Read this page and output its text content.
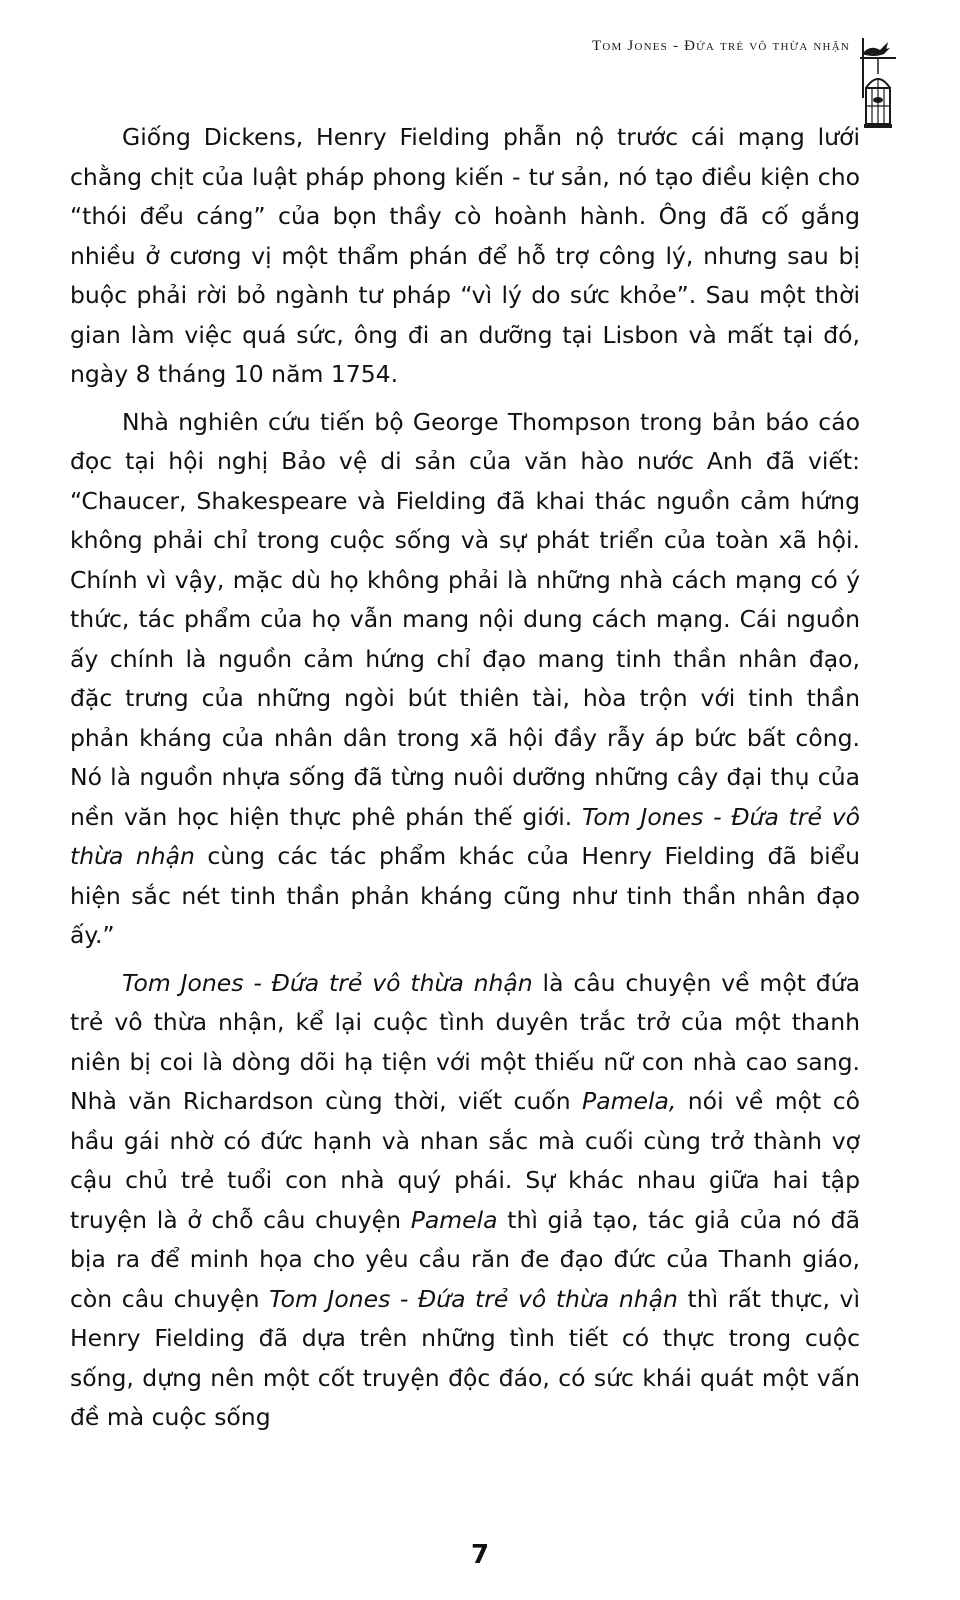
Tom Jones - Đứa trẻ vô thừa nhận

Giống Dickens, Henry Fielding phẫn nộ trước cái mạng lưới chằng chịt của luật pháp phong kiến - tư sản, nó tạo điều kiện cho “thói đểu cáng” của bọn thầy cò hoành hành. Ông đã cố gắng nhiều ở cương vị một thẩm phán để hỗ trợ công lý, nhưng sau bị buộc phải rời bỏ ngành tư pháp “vì lý do sức khỏe”. Sau một thời gian làm việc quá sức, ông đi an dưỡng tại Lisbon và mất tại đó, ngày 8 tháng 10 năm 1754.

Nhà nghiên cứu tiến bộ George Thompson trong bản báo cáo đọc tại hội nghị Bảo vệ di sản của văn hào nước Anh đã viết: “Chaucer, Shakespeare và Fielding đã khai thác nguồn cảm hứng không phải chỉ trong cuộc sống và sự phát triển của toàn xã hội. Chính vì vậy, mặc dù họ không phải là những nhà cách mạng có ý thức, tác phẩm của họ vẫn mang nội dung cách mạng. Cái nguồn ấy chính là nguồn cảm hứng chỉ đạo mang tinh thần nhân đạo, đặc trưng của những ngòi bút thiên tài, hòa trộn với tinh thần phản kháng của nhân dân trong xã hội đầy rẫy áp bức bất công. Nó là nguồn nhựa sống đã từng nuôi dưỡng những cây đại thụ của nền văn học hiện thực phê phán thế giới. Tom Jones - Đứa trẻ vô thừa nhận cùng các tác phẩm khác của Henry Fielding đã biểu hiện sắc nét tinh thần phản kháng cũng như tinh thần nhân đạo ấy.”

Tom Jones - Đứa trẻ vô thừa nhận là câu chuyện về một đứa trẻ vô thừa nhận, kể lại cuộc tình duyên trắc trở của một thanh niên bị coi là dòng dõi hạ tiện với một thiếu nữ con nhà cao sang. Nhà văn Richardson cùng thời, viết cuốn Pamela, nói về một cô hầu gái nhờ có đức hạnh và nhan sắc mà cuối cùng trở thành vợ cậu chủ trẻ tuổi con nhà quý phái. Sự khác nhau giữa hai tập truyện là ở chỗ câu chuyện Pamela thì giả tạo, tác giả của nó đã bịa ra để minh họa cho yêu cầu răn đe đạo đức của Thanh giáo, còn câu chuyện Tom Jones - Đứa trẻ vô thừa nhận thì rất thực, vì Henry Fielding đã dựa trên những tình tiết có thực trong cuộc sống, dựng nên một cốt truyện độc đáo, có sức khái quát một vấn đề mà cuộc sống

7
